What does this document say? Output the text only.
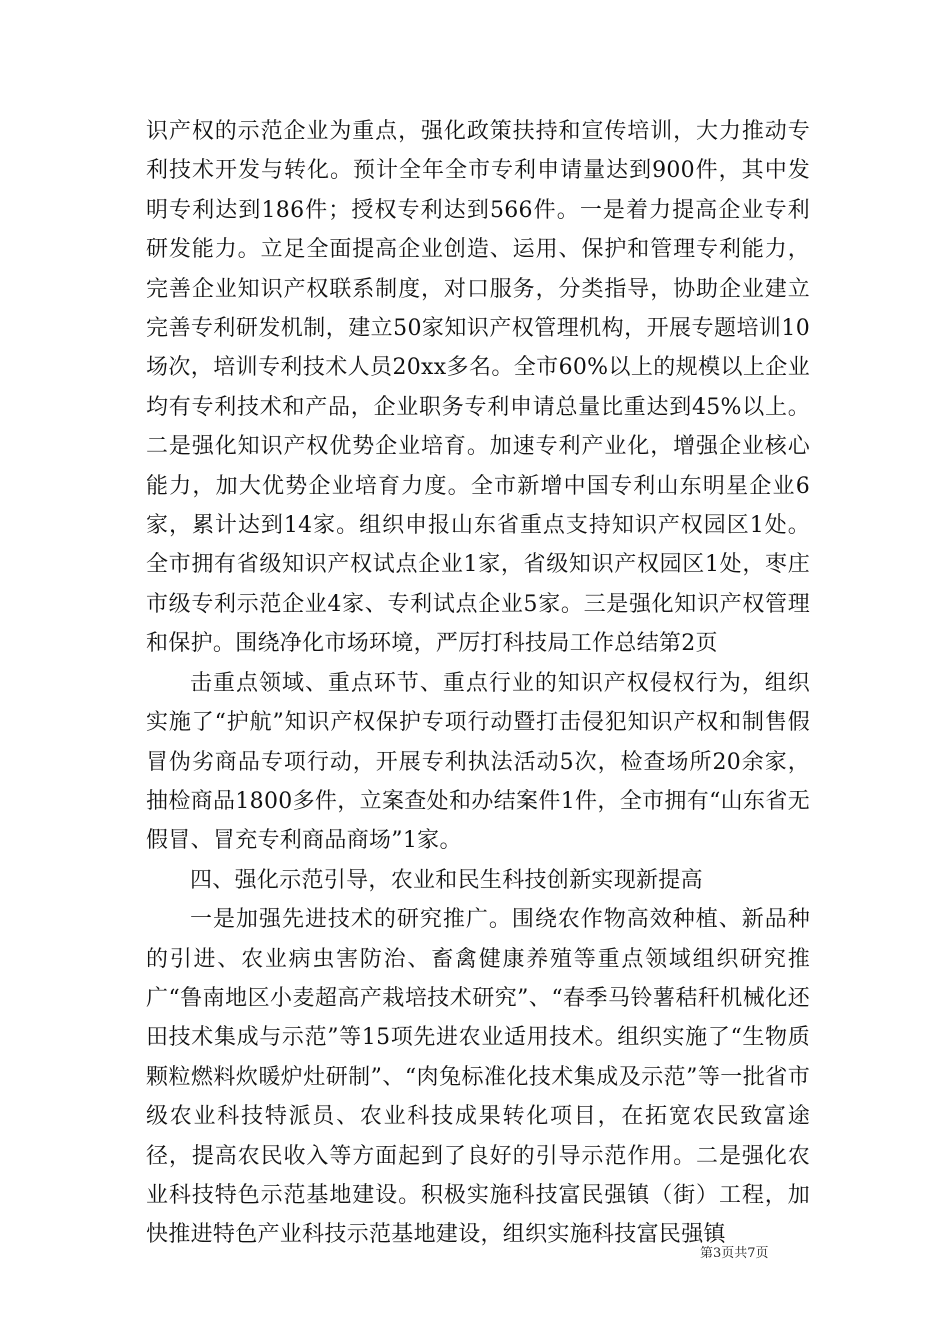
识产权的示范企业为重点，强化政策扶持和宣传培训，大力推动专利技术开发与转化。预计全年全市专利申请量达到900件，其中发明专利达到186件；授权专利达到566件。一是着力提高企业专利研发能力。立足全面提高企业创造、运用、保护和管理专利能力，完善企业知识产权联系制度，对口服务，分类指导，协助企业建立完善专利研发机制，建立50家知识产权管理机构，开展专题培训10场次，培训专利技术人员20xx多名。全市60%以上的规模以上企业均有专利技术和产品，企业职务专利申请总量比重达到45%以上。二是强化知识产权优势企业培育。加速专利产业化，增强企业核心能力，加大优势企业培育力度。全市新增中国专利山东明星企业6家，累计达到14家。组织申报山东省重点支持知识产权园区1处。全市拥有省级知识产权试点企业1家，省级知识产权园区1处，枣庄市级专利示范企业4家、专利试点企业5家。三是强化知识产权管理和保护。围绕净化市场环境，严厉打科技局工作总结第2页

击重点领域、重点环节、重点行业的知识产权侵权行为，组织实施了“护航”知识产权保护专项行动暨打击侵犯知识产权和制售假冒伪劣商品专项行动，开展专利执法活动5次，检查场所20余家，抽检商品1800多件，立案查处和办结案件1件，全市拥有“山东省无假冒、冒充专利商品商场”1家。

四、强化示范引导，农业和民生科技创新实现新提高

一是加强先进技术的研究推广。围绕农作物高效种植、新品种的引进、农业病虫害防治、畜禽健康养殖等重点领域组织研究推广“鲁南地区小麦超高产栽培技术研究”、“春季马铃薯秸秆机械化还田技术集成与示范”等15项先进农业适用技术。组织实施了“生物质颗粒燃料炊暖炉灶研制”、“肉兔标准化技术集成及示范”等一批省市级农业科技特派员、农业科技成果转化项目，在拓宽农民致富途径，提高农民收入等方面起到了良好的引导示范作用。二是强化农业科技特色示范基地建设。积极实施科技富民强镇（街）工程，加快推进特色产业科技示范基地建设，组织实施科技富民强镇

第3页共7页
